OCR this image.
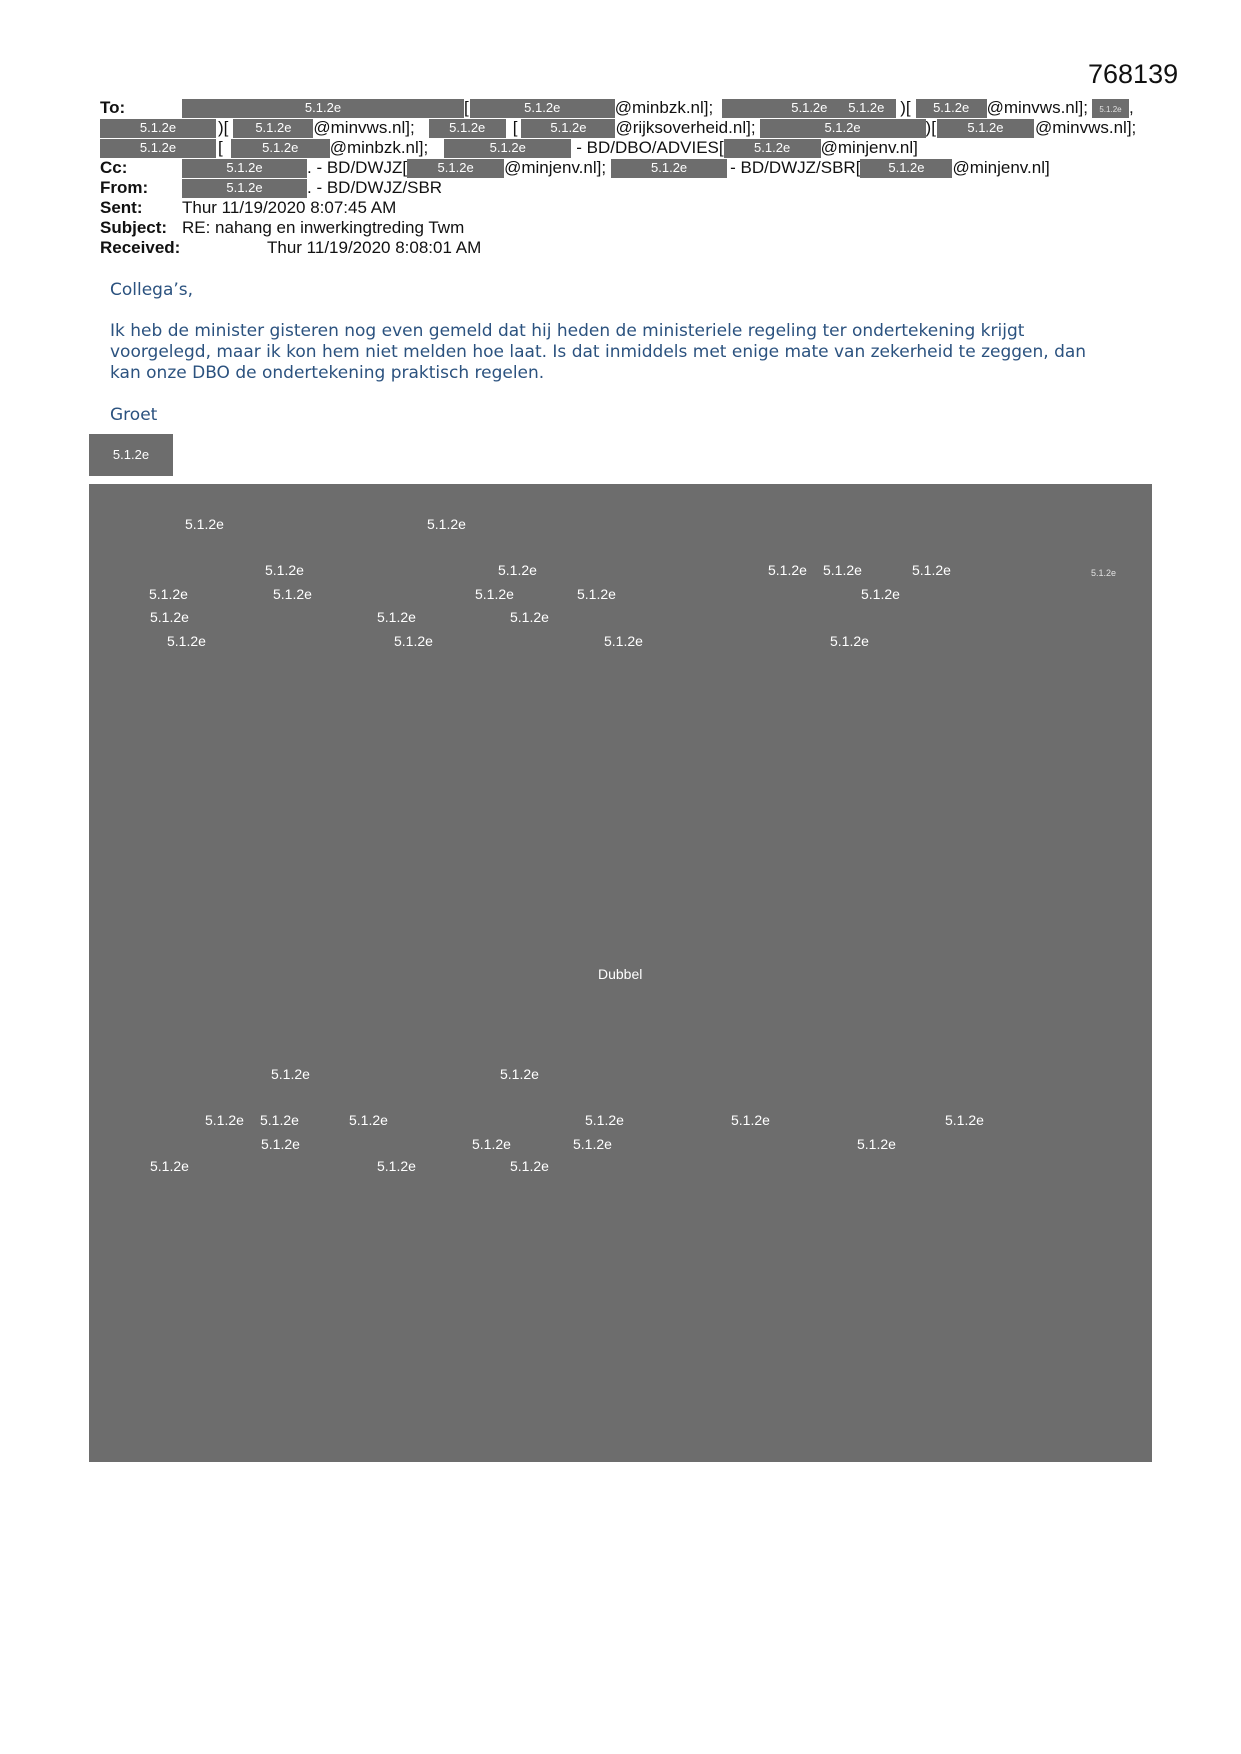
768139
To:	5.1.2e	[	5.1.2e	@minbzk.nl];	5.1.2e 5.1.2e )[	5.1.2e	@minvws.nl];	5.1.2e ,
5.1.2e	)[	5.1.2e	@minvws.nl];	5.1.2e	[	5.1.2e	@rijksoverheid.nl];	5.1.2e	)[	5.1.2e	@minvws.nl];
5.1.2e	[	5.1.2e	@minbzk.nl];	5.1.2e	- BD/DBO/ADVIES[	5.1.2e	@minjenv.nl]
Cc:	5.1.2e	. - BD/DWJZ[	5.1.2e	@minjenv.nl];	5.1.2e	- BD/DWJZ/SBR[	5.1.2e	@minjenv.nl]
From:	5.1.2e	. - BD/DWJZ/SBR
Sent:	Thur 11/19/2020 8:07:45 AM
Subject: RE: nahang en inwerkingtreding Twm
Received:	Thur 11/19/2020 8:08:01 AM
Collega’s,
Ik heb de minister gisteren nog even gemeld dat hij heden de ministeriele regeling ter ondertekening krijgt
voorgelegd, maar ik kon hem niet melden hoe laat. Is dat inmiddels met enige mate van zekerheid te zeggen, dan
kan onze DBO de ondertekening praktisch regelen.
Groet
5.1.2e
5.1.2e	5.1.2e
5.1.2e	5.1.2e	5.1.2e 5.1.2e	5.1.2e	5.1.2e
5.1.2e	5.1.2e	5.1.2e	5.1.2e	5.1.2e
5.1.2e	5.1.2e	5.1.2e
5.1.2e	5.1.2e	5.1.2e	5.1.2e
Dubbel
5.1.2e	5.1.2e
5.1.2e 5.1.2e	5.1.2e	5.1.2e	5.1.2e	5.1.2e
5.1.2e	5.1.2e	5.1.2e	5.1.2e
5.1.2e	5.1.2e	5.1.2e
